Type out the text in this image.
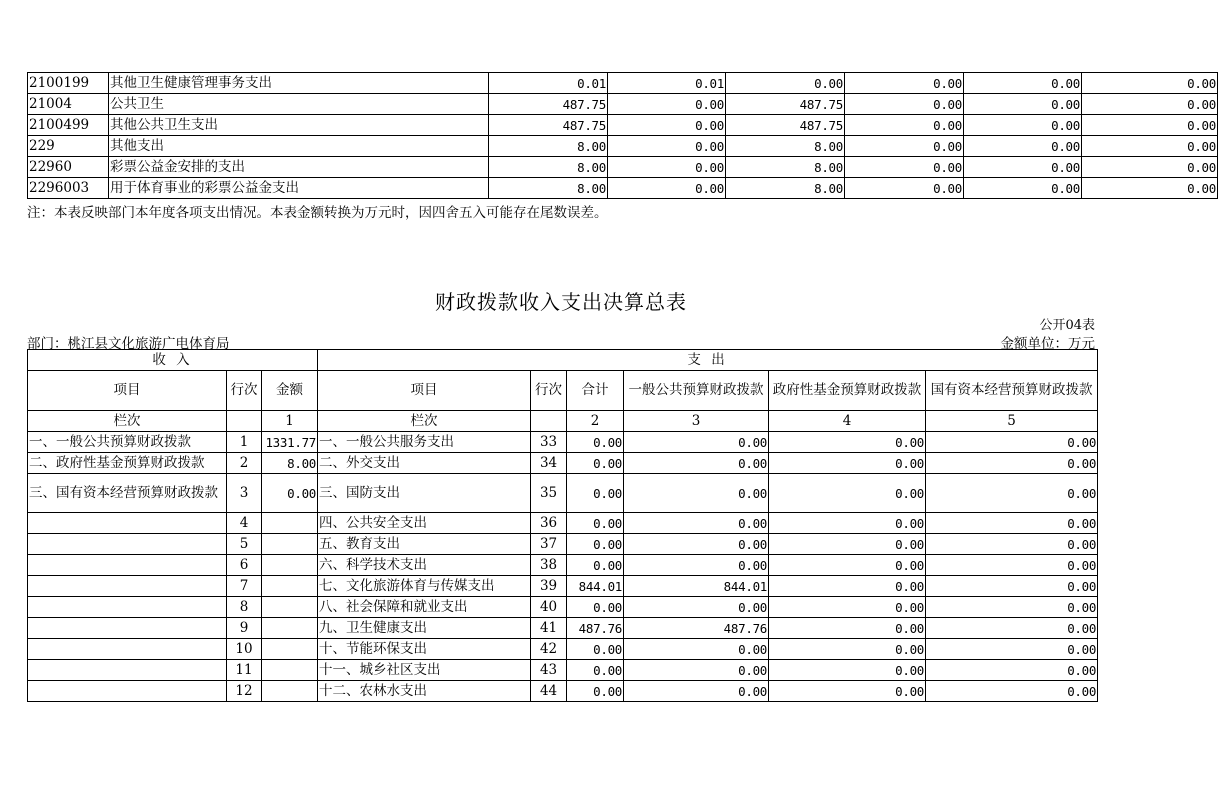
2100199	其他卫生健康管理事务支出	0.01	0.01	0.00	0.00	0.00	0.00
21004	公共卫生	487.75	0.00	487.75	0.00	0.00	0.00
2100499	其他公共卫生支出	487.75	0.00	487.75	0.00	0.00	0.00
229	其他支出	8.00	0.00	8.00	0.00	0.00	0.00
22960	彩票公益金安排的支出	8.00	0.00	8.00	0.00	0.00	0.00
2296003	用于体育事业的彩票公益金支出	8.00	0.00	8.00	0.00	0.00	0.00
注：本表反映部门本年度各项支出情况。本表金额转换为万元时，因四舍五入可能存在尾数误差。
财政拨款收入支出决算总表
公开04表
部门：桃江县文化旅游广电体育局	金额单位：万元
收 入			支 出					
项目	行次	金额	项目	行次	合计	一般公共预算财政拨款	政府性基金预算财政拨款	国有资本经营预算财政拨款
栏次		1	栏次		2	3	4	5
一、一般公共预算财政拨款	1	1331.77	一、一般公共服务支出	33	0.00	0.00	0.00	0.00
二、政府性基金预算财政拨款	2	8.00	二、外交支出	34	0.00	0.00	0.00	0.00
三、国有资本经营预算财政拨款	3	0.00	三、国防支出	35	0.00	0.00	0.00	0.00
	4		四、公共安全支出	36	0.00	0.00	0.00	0.00
	5		五、教育支出	37	0.00	0.00	0.00	0.00
	6		六、科学技术支出	38	0.00	0.00	0.00	0.00
	7		七、文化旅游体育与传媒支出	39	844.01	844.01	0.00	0.00
	8		八、社会保障和就业支出	40	0.00	0.00	0.00	0.00
	9		九、卫生健康支出	41	487.76	487.76	0.00	0.00
	10		十、节能环保支出	42	0.00	0.00	0.00	0.00
	11		十一、城乡社区支出	43	0.00	0.00	0.00	0.00
	12		十二、农林水支出	44	0.00	0.00	0.00	0.00
